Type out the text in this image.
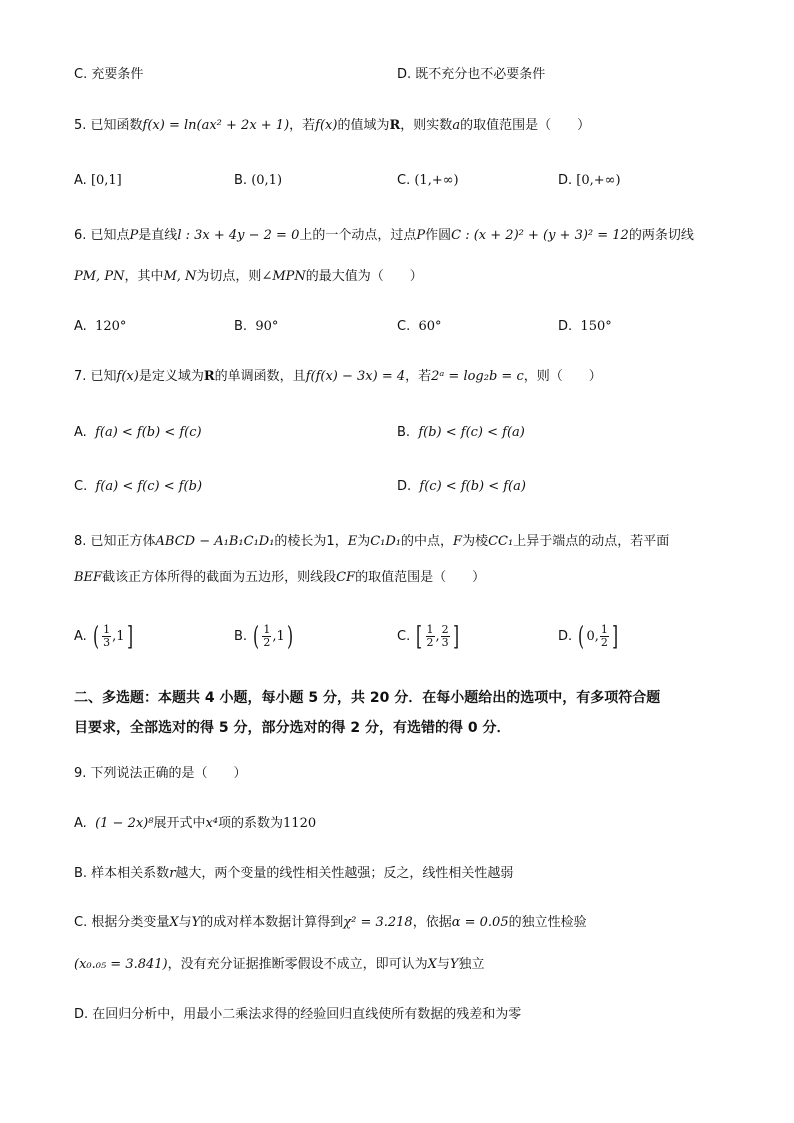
C. 充要条件	D. 既不充分也不必要条件
5. 已知函数f(x) = ln(ax² + 2x + 1)，若f(x)的值域为R，则实数a的取值范围是（　　）
A. [0,1]	B. (0,1)	C. (1,+∞)	D. [0,+∞)
6. 已知点P是直线l : 3x + 4y − 2 = 0上的一个动点，过点P作圆C : (x + 2)² + (y + 3)² = 12的两条切线
PM, PN，其中M, N为切点，则∠MPN的最大值为（　　）
A. 120°	B. 90°	C. 60°	D. 150°
7. 已知f(x)是定义域为R的单调函数，且f(f(x) − 3x) = 4，若2ᵃ = log₂b = c，则（　　）
A. f(a) < f(b) < f(c)	B. f(b) < f(c) < f(a)
C. f(a) < f(c) < f(b)	D. f(c) < f(b) < f(a)
8. 已知正方体ABCD − A₁B₁C₁D₁的棱长为1，E为C₁D₁的中点，F为棱CC₁上异于端点的动点，若平面
BEF截该正方体所得的截面为五边形，则线段CF的取值范围是（　　）
A. ( $\frac{1}{3} ,1$]	B. ( $\frac{1}{2} ,1$)	C. [ $\frac{1}{2}$ , $\frac{2}{3}$ ]	D. ( 0, $\frac{1}{2}$ ]
二、多选题：本题共 4 小题，每小题 5 分，共 20 分．在每小题给出的选项中，有多项符合题
目要求，全部选对的得 5 分，部分选对的得 2 分，有选错的得 0 分．
9. 下列说法正确的是（　　）
A. (1 − 2x)⁸展开式中x⁴项的系数为1120
B. 样本相关系数r越大，两个变量的线性相关性越强；反之，线性相关性越弱
C. 根据分类变量X与Y的成对样本数据计算得到χ² = 3.218，依据α = 0.05的独立性检验
(x₀.₀₅ = 3.841)，没有充分证据推断零假设不成立，即可认为X与Y独立
D. 在回归分析中，用最小二乘法求得的经验回归直线使所有数据的残差和为零
